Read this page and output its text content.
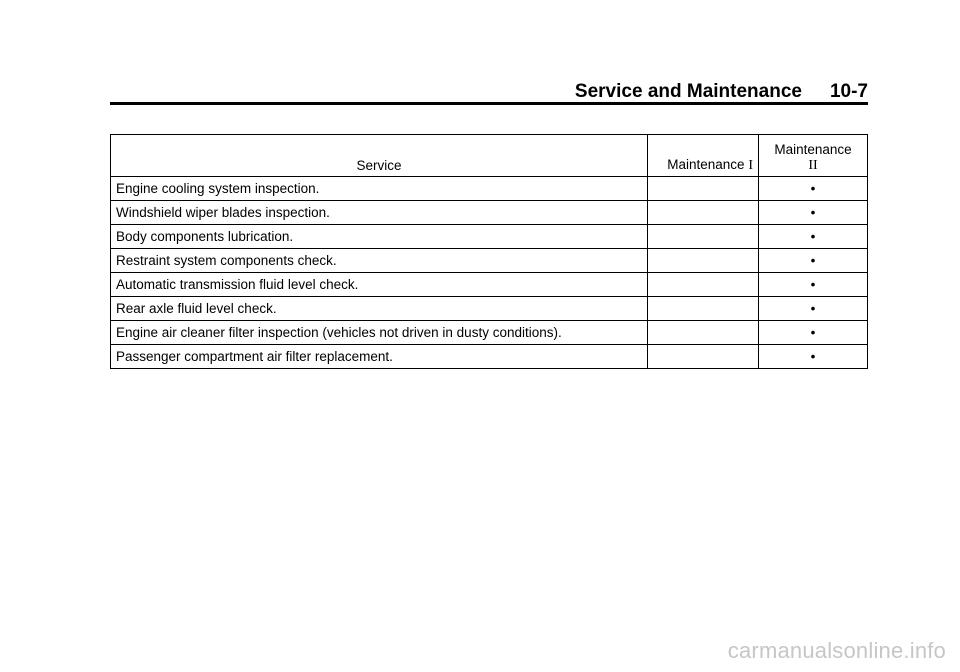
Service and Maintenance 10-7
Service	Maintenance I	Maintenance
II
Engine cooling system inspection.		•
Windshield wiper blades inspection.		•
Body components lubrication.		•
Restraint system components check.		•
Automatic transmission fluid level check.		•
Rear axle fluid level check.		•
Engine air cleaner filter inspection (vehicles not driven in dusty conditions).		•
Passenger compartment air filter replacement.		•
carmanualsonline.info
